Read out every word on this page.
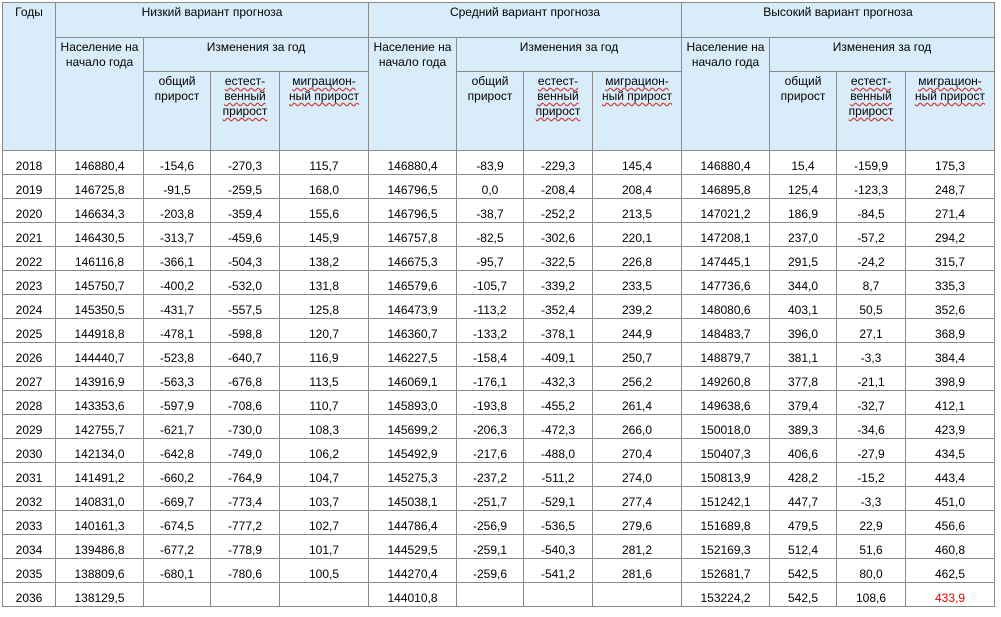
Годы	Низкий вариант прогноза				Средний вариант прогноза				Высокий вариант прогноза			
	Население на начало года	Изменения за год			Население на начало года	Изменения за год			Население на начало года	Изменения за год		
		общий прирост	естест-венный прирост	миграцион-ный прирост		общий прирост	естест-венный прирост	миграцион-ный прирост		общий прирост	естест-венный прирост	миграцион-ный прирост
2018	146880,4	-154,6	-270,3	115,7	146880,4	-83,9	-229,3	145,4	146880,4	15,4	-159,9	175,3
2019	146725,8	-91,5	-259,5	168,0	146796,5	0,0	-208,4	208,4	146895,8	125,4	-123,3	248,7
2020	146634,3	-203,8	-359,4	155,6	146796,5	-38,7	-252,2	213,5	147021,2	186,9	-84,5	271,4
2021	146430,5	-313,7	-459,6	145,9	146757,8	-82,5	-302,6	220,1	147208,1	237,0	-57,2	294,2
2022	146116,8	-366,1	-504,3	138,2	146675,3	-95,7	-322,5	226,8	147445,1	291,5	-24,2	315,7
2023	145750,7	-400,2	-532,0	131,8	146579,6	-105,7	-339,2	233,5	147736,6	344,0	8,7	335,3
2024	145350,5	-431,7	-557,5	125,8	146473,9	-113,2	-352,4	239,2	148080,6	403,1	50,5	352,6
2025	144918,8	-478,1	-598,8	120,7	146360,7	-133,2	-378,1	244,9	148483,7	396,0	27,1	368,9
2026	144440,7	-523,8	-640,7	116,9	146227,5	-158,4	-409,1	250,7	148879,7	381,1	-3,3	384,4
2027	143916,9	-563,3	-676,8	113,5	146069,1	-176,1	-432,3	256,2	149260,8	377,8	-21,1	398,9
2028	143353,6	-597,9	-708,6	110,7	145893,0	-193,8	-455,2	261,4	149638,6	379,4	-32,7	412,1
2029	142755,7	-621,7	-730,0	108,3	145699,2	-206,3	-472,3	266,0	150018,0	389,3	-34,6	423,9
2030	142134,0	-642,8	-749,0	106,2	145492,9	-217,6	-488,0	270,4	150407,3	406,6	-27,9	434,5
2031	141491,2	-660,2	-764,9	104,7	145275,3	-237,2	-511,2	274,0	150813,9	428,2	-15,2	443,4
2032	140831,0	-669,7	-773,4	103,7	145038,1	-251,7	-529,1	277,4	151242,1	447,7	-3,3	451,0
2033	140161,3	-674,5	-777,2	102,7	144786,4	-256,9	-536,5	279,6	151689,8	479,5	22,9	456,6
2034	139486,8	-677,2	-778,9	101,7	144529,5	-259,1	-540,3	281,2	152169,3	512,4	51,6	460,8
2035	138809,6	-680,1	-780,6	100,5	144270,4	-259,6	-541,2	281,6	152681,7	542,5	80,0	462,5
2036	138129,5				144010,8				153224,2	542,5	108,6	433,9
